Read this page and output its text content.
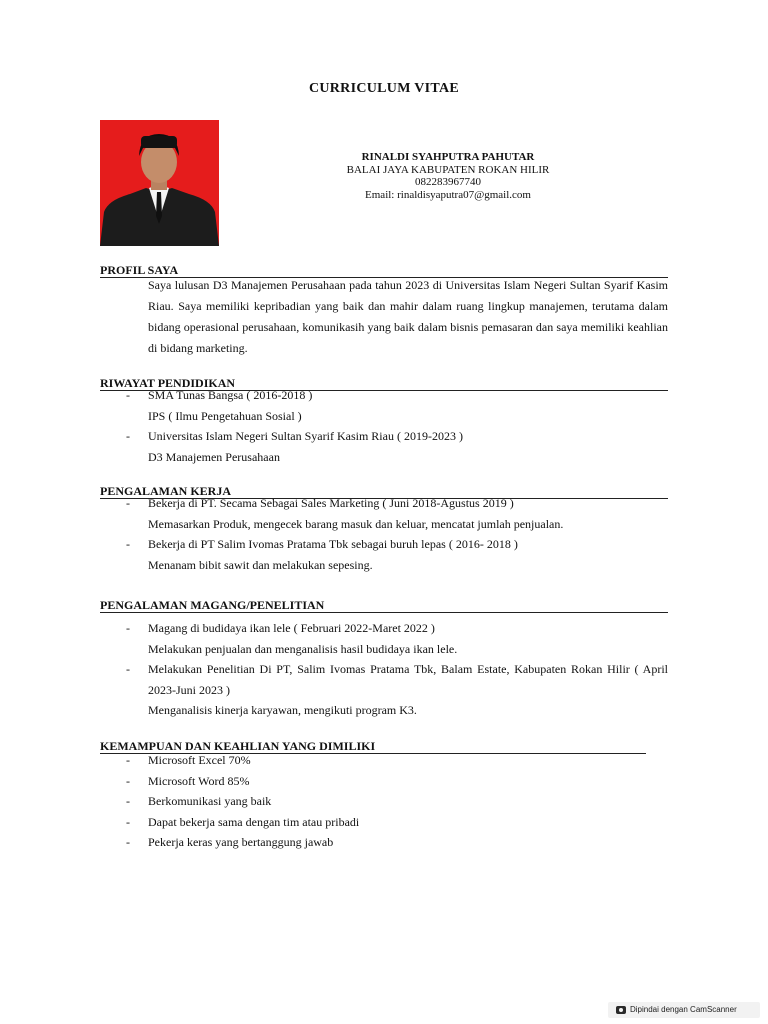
CURRICULUM VITAE
RINALDI SYAHPUTRA PAHUTAR
BALAI JAYA KABUPATEN ROKAN HILIR
082283967740
Email: rinaldisyaputra07@gmail.com
PROFIL SAYA

Saya lulusan D3 Manajemen Perusahaan pada tahun 2023 di Universitas Islam Negeri Sultan Syarif Kasim Riau. Saya memiliki kepribadian yang baik dan mahir dalam ruang lingkup manajemen, terutama dalam bidang operasional perusahaan, komunikasih yang baik dalam bisnis pemasaran dan saya memiliki keahlian di bidang marketing.

RIWAYAT PENDIDIKAN
- SMA Tunas Bangsa ( 2016-2018 )
IPS ( Ilmu Pengetahuan Sosial )
- Universitas Islam Negeri Sultan Syarif Kasim Riau ( 2019-2023 )
D3 Manajemen Perusahaan
PENGALAMAN KERJA
- Bekerja di PT. Secama Sebagai Sales Marketing ( Juni 2018-Agustus 2019 )
Memasarkan Produk, mengecek barang masuk dan keluar, mencatat jumlah penjualan.
- Bekerja di PT Salim Ivomas Pratama Tbk sebagai buruh lepas ( 2016- 2018 )
Menanam bibit sawit dan melakukan sepesing.
PENGALAMAN MAGANG/PENELITIAN
- Magang di budidaya ikan lele ( Februari 2022-Maret 2022 )
Melakukan penjualan dan menganalisis hasil budidaya ikan lele.
- Melakukan Penelitian Di PT, Salim Ivomas Pratama Tbk, Balam Estate, Kabupaten Rokan Hilir ( April 2023-Juni 2023 )
Menganalisis kinerja karyawan, mengikuti program K3.
KEMAMPUAN DAN KEAHLIAN YANG DIMILIKI
- Microsoft Excel 70%
- Microsoft Word 85%
- Berkomunikasi yang baik
- Dapat bekerja sama dengan tim atau pribadi
- Pekerja keras yang bertanggung jawab
Dipindai dengan CamScanner
